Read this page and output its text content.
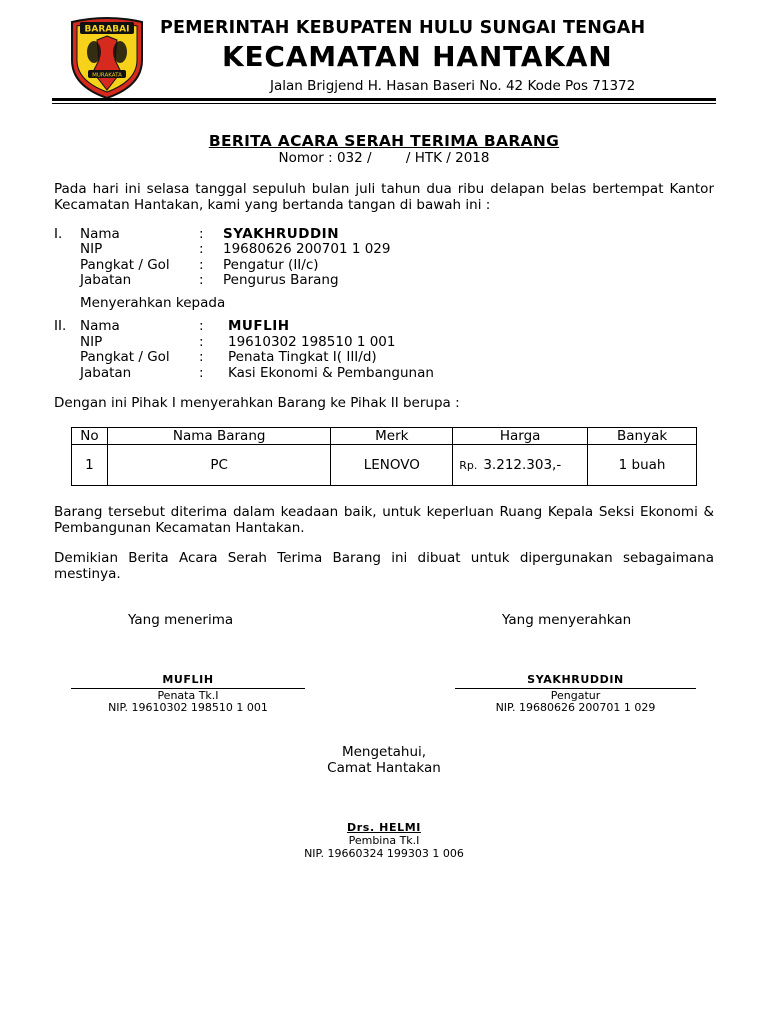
BARABAI
MURAKATA
PEMERINTAH KEBUPATEN HULU SUNGAI TENGAH
KECAMATAN HANTAKAN
Jalan Brigjend H. Hasan Baseri No. 42 Kode Pos 71372
BERITA ACARA SERAH TERIMA BARANG
Nomor : 032 /        / HTK / 2018
Pada hari ini selasa tanggal sepuluh bulan juli tahun dua ribu delapan belas bertempat Kantor Kecamatan Hantakan, kami yang bertanda tangan di bawah ini :
I. Nama	: SYAKHRUDDIN
NIP	: 19680626 200701 1 029
Pangkat / Gol : Pengatur (II/c)
Jabatan	: Pengurus Barang
Menyerahkan kepada
II. Nama	: MUFLIH
NIP	: 19610302 198510 1 001
Pangkat / Gol : Penata Tingkat I( III/d)
Jabatan	: Kasi Ekonomi & Pembangunan
Dengan ini Pihak I menyerahkan Barang ke Pihak II berupa :
No	Nama Barang	Merk	Harga	Banyak
1	PC	LENOVO	Rp. 3.212.303,-	1 buah
Barang tersebut diterima dalam keadaan baik, untuk keperluan Ruang Kepala Seksi Ekonomi & Pembangunan Kecamatan Hantakan.
Demikian Berita Acara Serah Terima Barang ini dibuat untuk dipergunakan sebagaimana mestinya.
Yang menerima	Yang menyerahkan
MUFLIH
Penata Tk.I
NIP. 19610302 198510 1 001
SYAKHRUDDIN
Pengatur
NIP. 19680626 200701 1 029
Mengetahui,
Camat Hantakan
Drs. HELMI
Pembina Tk.I
NIP. 19660324 199303 1 006
